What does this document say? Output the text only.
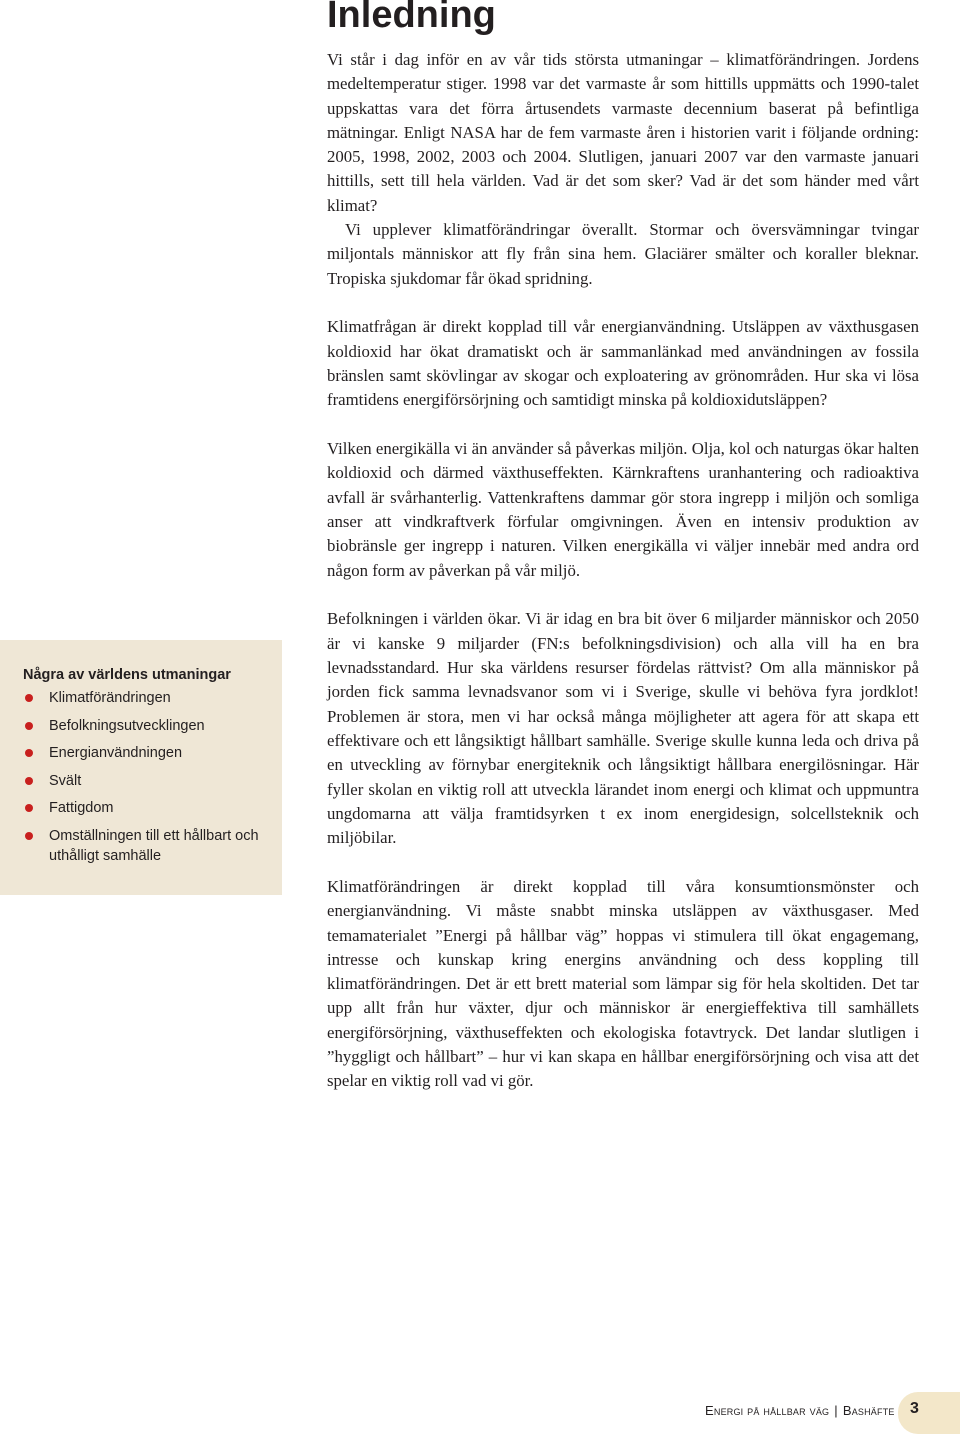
Inledning

Vi står i dag inför en av vår tids största utmaningar – klimatförändringen. Jordens medeltemperatur stiger. 1998 var det varmaste år som hittills uppmätts och 1990-talet uppskattas vara det förra årtusendets varmaste decennium baserat på befintliga mätningar. Enligt NASA har de fem varmaste åren i historien varit i följande ordning: 2005, 1998, 2002, 2003 och 2004. Slutligen, januari 2007 var den varmaste januari hittills, sett till hela världen. Vad är det som sker? Vad är det som händer med vårt klimat?

Vi upplever klimatförändringar överallt. Stormar och översvämningar tvingar miljontals människor att fly från sina hem. Glaciärer smälter och koraller bleknar. Tropiska sjukdomar får ökad spridning.

Klimatfrågan är direkt kopplad till vår energianvändning. Utsläppen av växthusgasen koldioxid har ökat dramatiskt och är sammanlänkad med användningen av fossila bränslen samt skövlingar av skogar och exploatering av grönområden. Hur ska vi lösa framtidens energiförsörjning och samtidigt minska på koldioxidutsläppen?

Vilken energikälla vi än använder så påverkas miljön. Olja, kol och naturgas ökar halten koldioxid och därmed växthuseffekten. Kärnkraftens uranhantering och radioaktiva avfall är svårhanterlig. Vattenkraftens dammar gör stora ingrepp i miljön och somliga anser att vindkraftverk förfular omgivningen. Även en intensiv produktion av biobränsle ger ingrepp i naturen. Vilken energikälla vi väljer innebär med andra ord någon form av påverkan på vår miljö.

Befolkningen i världen ökar. Vi är idag en bra bit över 6 miljarder människor och 2050 är vi kanske 9 miljarder (FN:s befolkningsdivision) och alla vill ha en bra levnadsstandard. Hur ska världens resurser fördelas rättvist? Om alla människor på jorden fick samma levnadsvanor som vi i Sverige, skulle vi behöva fyra jordklot! Problemen är stora, men vi har också många möjligheter att agera för att skapa ett effektivare och ett långsiktigt hållbart samhälle. Sverige skulle kunna leda och driva på en utveckling av förnybar energiteknik och långsiktigt hållbara energilösningar. Här fyller skolan en viktig roll att utveckla lärandet inom energi och klimat och uppmuntra ungdomarna att välja framtidsyrken t ex inom energidesign, solcellsteknik och miljöbilar.

Klimatförändringen är direkt kopplad till våra konsumtionsmönster och energianvändning. Vi måste snabbt minska utsläppen av växthusgaser. Med temamaterialet ”Energi på hållbar väg” hoppas vi stimulera till ökat engagemang, intresse och kunskap kring energins användning och dess koppling till klimatförändringen. Det är ett brett material som lämpar sig för hela skoltiden. Det tar upp allt från hur växter, djur och människor är energieffektiva till samhällets energiförsörjning, växthuseffekten och ekologiska fotavtryck. Det landar slutligen i ”hyggligt och hållbart” – hur vi kan skapa en hållbar energiförsörjning och visa att det spelar en viktig roll vad vi gör.

Några av världens utmaningar
Klimatförändringen
Befolkningsutvecklingen
Energianvändningen
Svält
Fattigdom
Omställningen till ett hållbart och uthålligt samhälle
Energi på hållbar väg | Bashäfte 3
